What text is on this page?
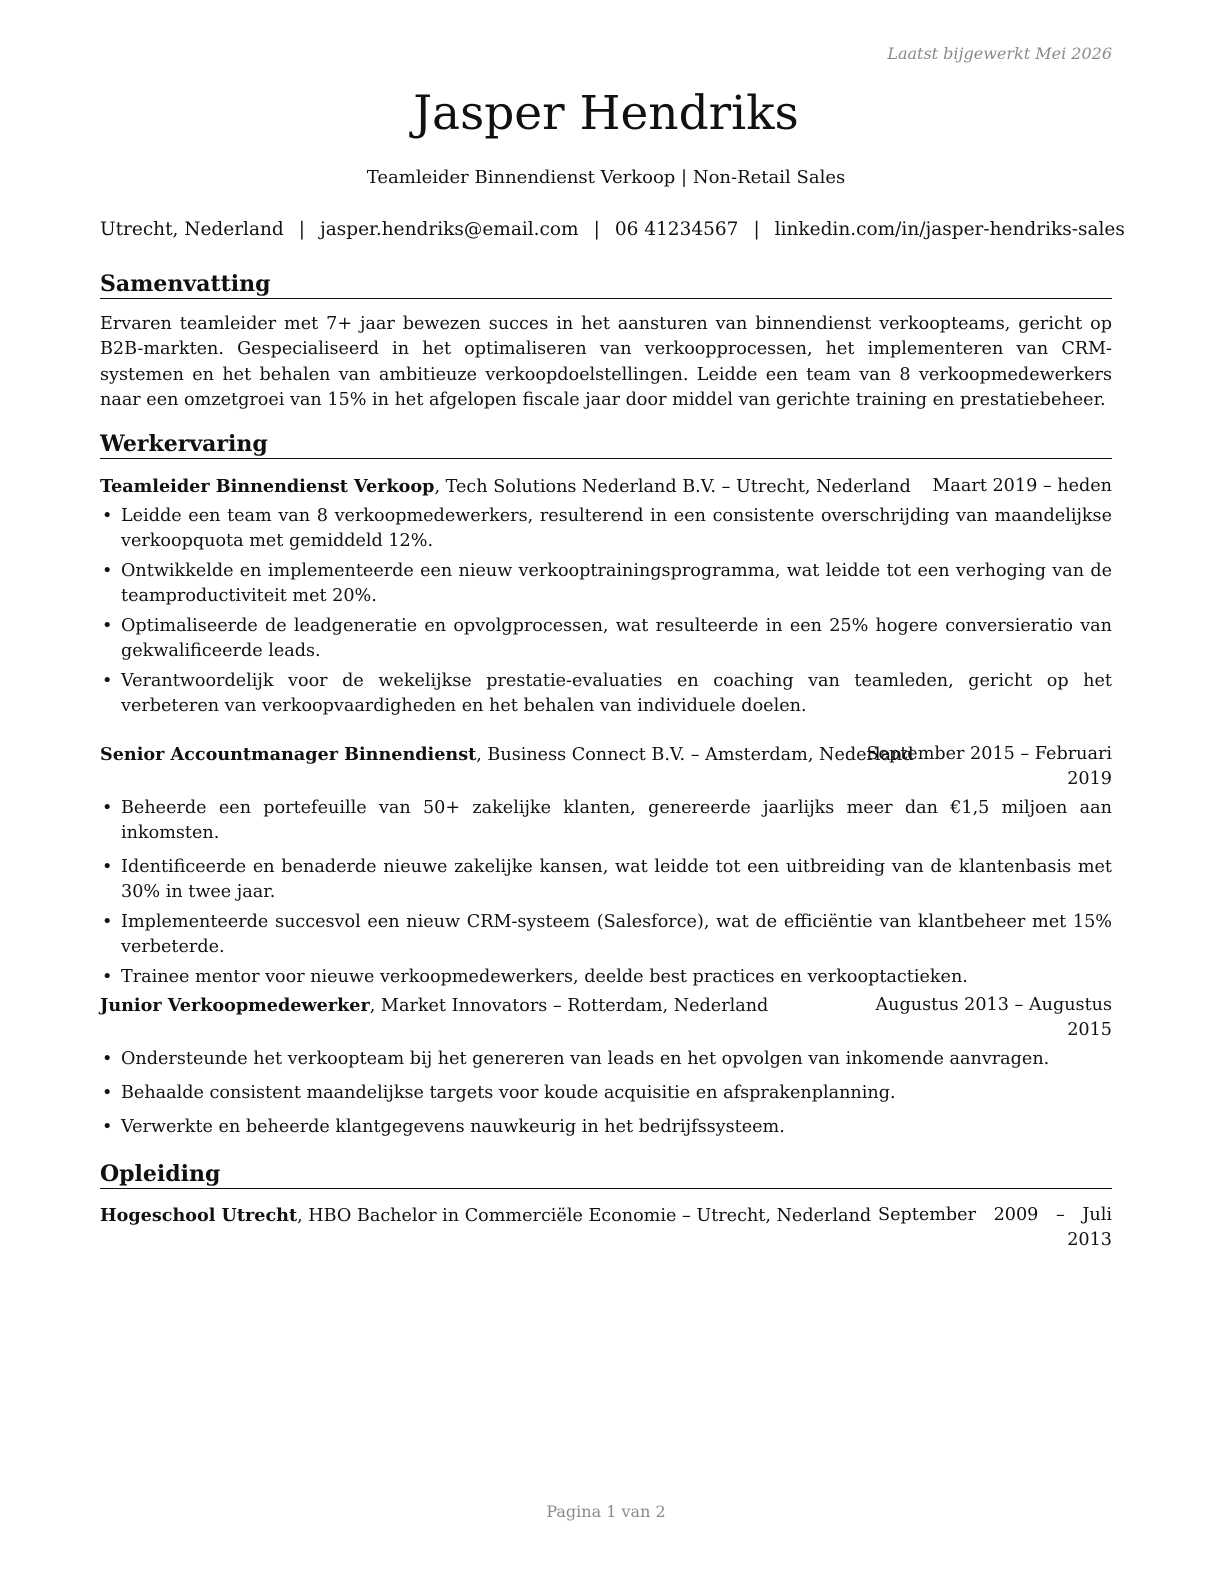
Laatst bijgewerkt Mei 2026
Jasper Hendriks
Teamleider Binnendienst Verkoop | Non-Retail Sales
Utrecht, Nederland | jasper.hendriks@email.com | 06 41234567 | linkedin.com/in/jasper-hendriks-sales
Samenvatting
Ervaren teamleider met 7+ jaar bewezen succes in het aansturen van binnendienst verkoopteams, gericht op B2B-markten. Gespecialiseerd in het optimaliseren van verkoopprocessen, het implementeren van CRM-systemen en het behalen van ambitieuze verkoopdoelstellingen. Leidde een team van 8 verkoopmedewerkers naar een omzetgroei van 15% in het afgelopen fiscale jaar door middel van gerichte training en prestatiebeheer.
Werkervaring
Teamleider Binnendienst Verkoop, Tech Solutions Nederland B.V. – Utrecht, Nederland Maart 2019 – heden
• Leidde een team van 8 verkoopmedewerkers, resulterend in een consistente overschrijding van maandelijkse verkoopquota met gemiddeld 12%.
• Ontwikkelde en implementeerde een nieuw verkooptrainingsprogramma, wat leidde tot een verhoging van de teamproductiviteit met 20%.
• Optimaliseerde de leadgeneratie en opvolgprocessen, wat resulteerde in een 25% hogere conversieratio van gekwalificeerde leads.
• Verantwoordelijk voor de wekelijkse prestatie-evaluaties en coaching van teamleden, gericht op het verbeteren van verkoopvaardigheden en het behalen van individuele doelen.
Senior Accountmanager Binnendienst, Business Connect B.V. – Amsterdam, Nederland
September 2015 – Februari
2019
• Beheerde een portefeuille van 50+ zakelijke klanten, genereerde jaarlijks meer dan €1,5 miljoen aan inkomsten.
• Identificeerde en benaderde nieuwe zakelijke kansen, wat leidde tot een uitbreiding van de klantenbasis met 30% in twee jaar.
• Implementeerde succesvol een nieuw CRM-systeem (Salesforce), wat de efficiëntie van klantbeheer met 15% verbeterde.
• Trainee mentor voor nieuwe verkoopmedewerkers, deelde best practices en verkooptactieken.
Junior Verkoopmedewerker, Market Innovators – Rotterdam, Nederland	Augustus 2013 – Augustus
2015
• Ondersteunde het verkoopteam bij het genereren van leads en het opvolgen van inkomende aanvragen.
• Behaalde consistent maandelijkse targets voor koude acquisitie en afsprakenplanning.
• Verwerkte en beheerde klantgegevens nauwkeurig in het bedrijfssysteem.
Opleiding
Hogeschool Utrecht, HBO Bachelor in Commerciële Economie – Utrecht, Nederland September 2009 – Juli
2013
Pagina 1 van 2
